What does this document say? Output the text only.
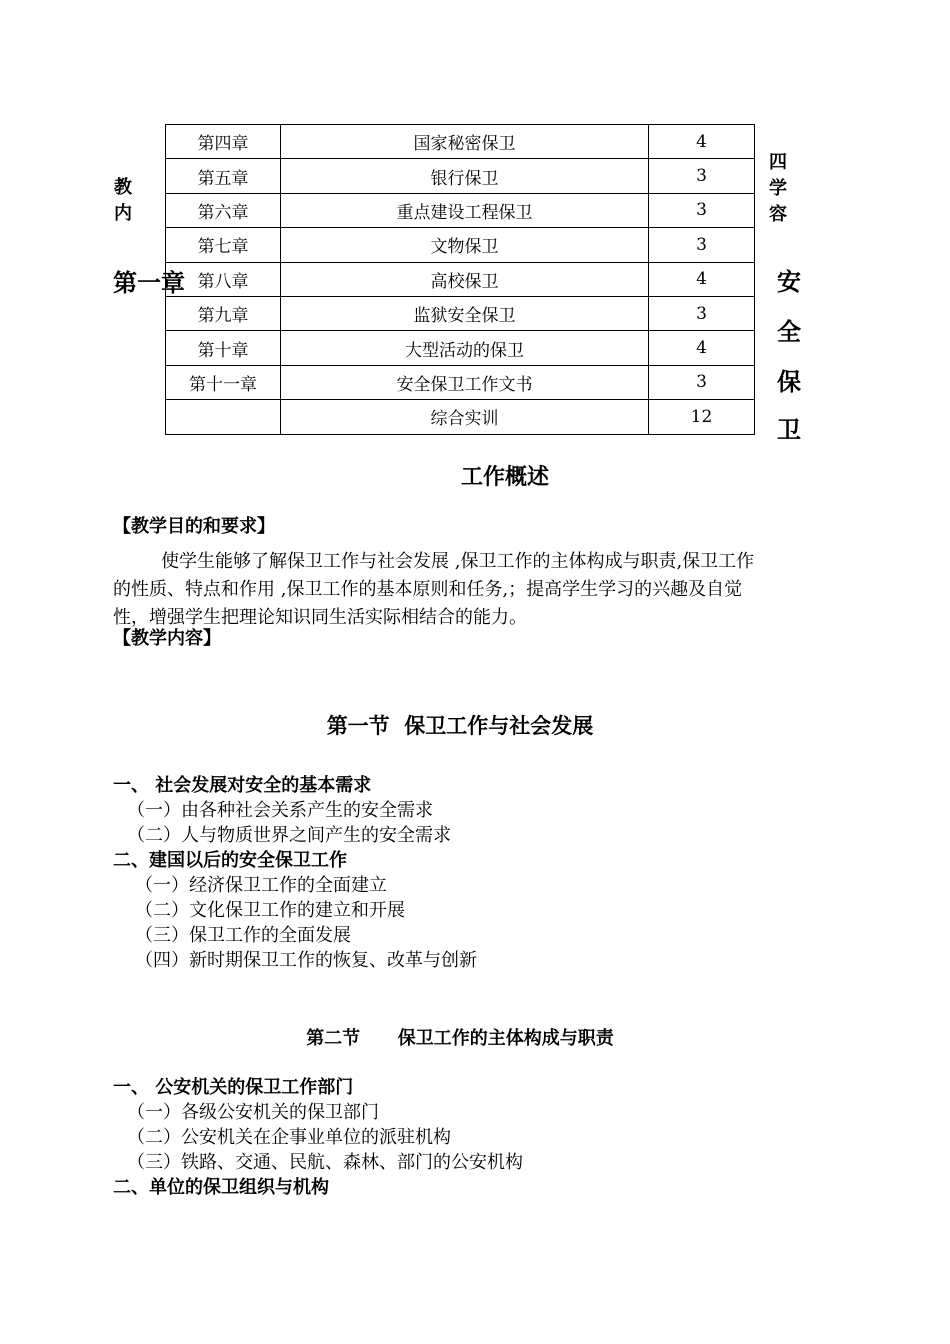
第四章	国家秘密保卫	4
第五章	银行保卫	3
第六章	重点建设工程保卫	3
第七章	文物保卫	3
第八章	高校保卫	4
第九章	监狱安全保卫	3
第十章	大型活动的保卫	4
第十一章	安全保卫工作文书	3
	综合实训	12
教
内
第一章
四
学
容
安
全
保
卫
工作概述
【教学目的和要求】
使学生能够了解保卫工作与社会发展 ,保卫工作的主体构成与职责,保卫工作
的性质、特点和作用 ,保卫工作的基本原则和任务,；提高学生学习的兴趣及自觉
性，增强学生把理论知识同生活实际相结合的能力。
【教学内容】
第一节  保卫工作与社会发展
一、 社会发展对安全的基本需求
（一）由各种社会关系产生的安全需求
（二）人与物质世界之间产生的安全需求
二、建国以后的安全保卫工作
（一）经济保卫工作的全面建立
（二）文化保卫工作的建立和开展
（三）保卫工作的全面发展
（四）新时期保卫工作的恢复、改革与创新
第二节      保卫工作的主体构成与职责
一、 公安机关的保卫工作部门
（一）各级公安机关的保卫部门
（二）公安机关在企事业单位的派驻机构
（三）铁路、交通、民航、森林、部门的公安机构
二、单位的保卫组织与机构
